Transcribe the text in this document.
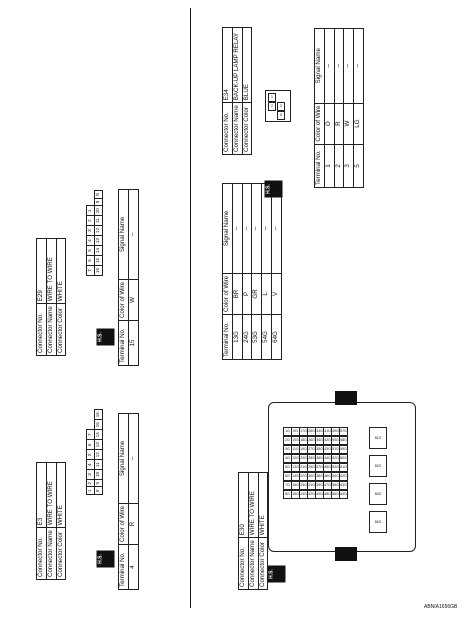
Connector No.	E3
Connector Name	WIRE TO WIRE
Connector Color	WHITE
H.S.
1	2	3	4	5	6	7		
8	9	10	11	12	13	14	15	16
Terminal No.	Color of Wire	Signal Name
4	R	–
Connector No.	E29
Connector Name	WIRE TO WIRE
Connector Color	WHITE
H.S.
7	6	5	4	3	2	1		
16	15	14	13	12	11	10	9	8
Terminal No.	Color of Wire	Signal Name
15	W	–
Connector No.	E30
Connector Name	WIRE TO WIRE
Connector Color	WHITE
H.S.
1G
2G
3G
4G
5G
6G
7G
8G
9G
10G
11G
12G
13G
14G
15G
16G
17G
18G
19G
20G
21G
22G
23G
24G
25G
26G
27G
28G
29G
30G
31G
32G
33G
34G
35G
36G
37G
38G
39G
40G
41G
42G
43G
44G
45G
46G
47G
48G
49G
50G
51G
52G
53G
54G
55G
56G
57G
58G
59G
60G
61G
62G
63G
64G
81G
82G
83G
84G
Terminal No.	Color of Wire	Signal Name
13G	BR	–
24G	P	–
53G	GR	–
54G	L	–
64G	V	–
Connector No.	E34
Connector Name	BACK-UP LAMP RELAY
Connector Color	BLUE
H.S.
1
2	3
5
Terminal No.	Color of Wire	Signal Name
1	O	–
2	R	–
3	W	–
5	LG	–
ABNIA1656GB
